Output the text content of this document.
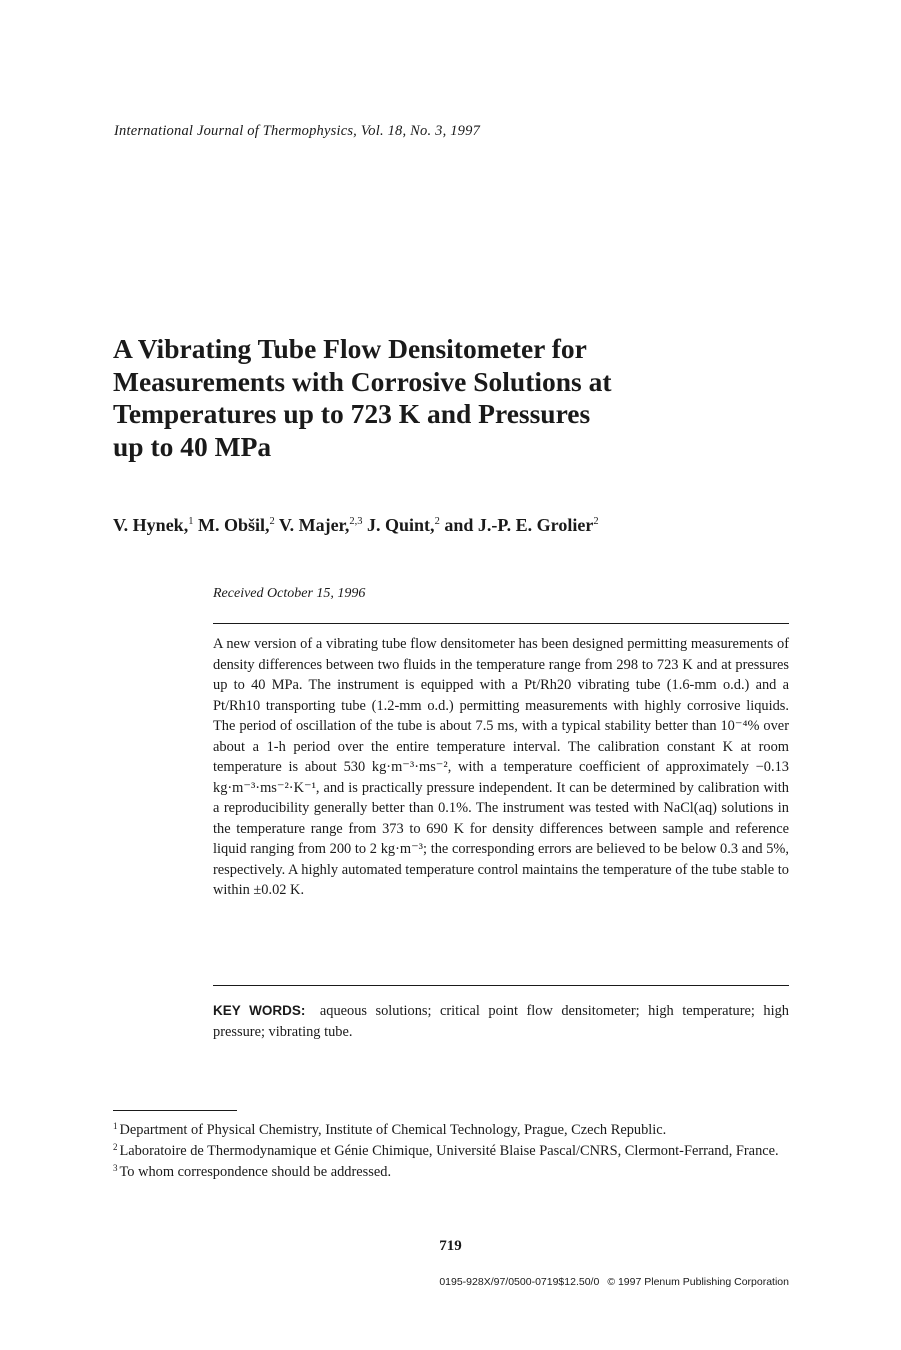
International Journal of Thermophysics, Vol. 18, No. 3, 1997
A Vibrating Tube Flow Densitometer for
Measurements with Corrosive Solutions at
Temperatures up to 723 K and Pressures
up to 40 MPa
V. Hynek,$^1$ M. Obšil,$^2$ V. Majer,$^{2,3}$ J. Quint,$^2$ and J.-P. E. Grolier$^2$
Received October 15, 1996
A new version of a vibrating tube flow densitometer has been designed permitting measurements of density differences between two fluids in the temperature range from 298 to 723 K and at pressures up to 40 MPa. The instrument is equipped with a Pt/Rh20 vibrating tube (1.6-mm o.d.) and a Pt/Rh10 transporting tube (1.2-mm o.d.) permitting measurements with highly corrosive liquids. The period of oscillation of the tube is about 7.5 ms, with a typical stability better than 10⁻⁴% over about a 1-h period over the entire temperature interval. The calibration constant K at room temperature is about 530 kg·m⁻³·ms⁻², with a temperature coefficient of approximately −0.13 kg·m⁻³·ms⁻²·K⁻¹, and is practically pressure independent. It can be determined by calibration with a reproducibility generally better than 0.1%. The instrument was tested with NaCl(aq) solutions in the temperature range from 373 to 690 K for density differences between sample and reference liquid ranging from 200 to 2 kg·m⁻³; the corresponding errors are believed to be below 0.3 and 5%, respectively. A highly automated temperature control maintains the temperature of the tube stable to within ±0.02 K.
KEY WORDS: aqueous solutions; critical point flow densitometer; high temperature; high pressure; vibrating tube.
$^1$ Department of Physical Chemistry, Institute of Chemical Technology, Prague, Czech Republic.
$^2$ Laboratoire de Thermodynamique et Génie Chimique, Université Blaise Pascal/CNRS, Clermont-Ferrand, France.
$^3$ To whom correspondence should be addressed.
719
0195-928X/97/0500-0719$12.50/0 © 1997 Plenum Publishing Corporation
